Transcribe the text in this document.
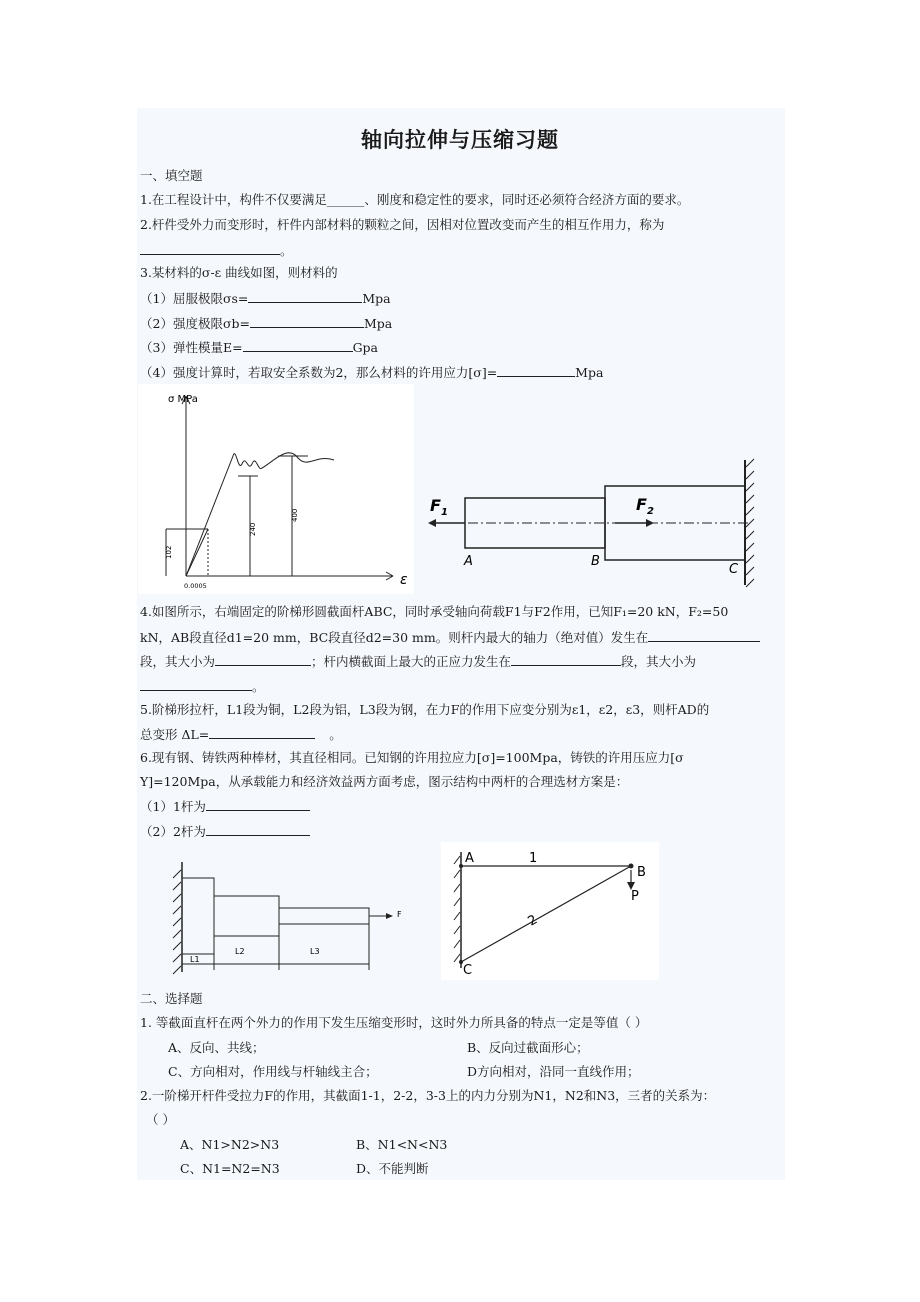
轴向拉伸与压缩习题
一、填空题
1.在工程设计中，构件不仅要满足______、刚度和稳定性的要求，同时还必须符合经济方面的要求。
2.杆件受外力而变形时，杆件内部材料的颗粒之间，因相对位置改变而产生的相互作用力，称为
。
3.某材料的σ-ε 曲线如图，则材料的
（1）屈服极限σs=	Mpa
（2）强度极限σb=	Mpa
（3）弹性模量E=	Gpa
（4）强度计算时，若取安全系数为2，那么材料的许用应力[σ]=	Mpa
σ MPa
ε
102
240
400
0.0005
$F_1$	$F_2$
A	B
C
4.如图所示，右端固定的阶梯形圆截面杆ABC，同时承受轴向荷载F1与F2作用，已知F₁=20 kN，F₂=50
kN，AB段直径d1=20 mm，BC段直径d2=30 mm。则杆内最大的轴力（绝对值）发生在
段，其大小为	；杆内横截面上最大的正应力发生在	段，其大小为
。
5.阶梯形拉杆，L1段为铜，L2段为铝，L3段为钢，在力F的作用下应变分别为ε1，ε2，ε3，则杆AD的
总变形 ΔL=	。
6.现有钢、铸铁两种棒材，其直径相同。已知钢的许用拉应力[σ]=100Mpa，铸铁的许用压应力[σ
Y]=120Mpa，从承载能力和经济效益两方面考虑，图示结构中两杆的合理选材方案是：
（1）1杆为
（2）2杆为
F
L1
L2	L3
A	1
B
P
2
C
二、选择题
1. 等截面直杆在两个外力的作用下发生压缩变形时，这时外力所具备的特点一定是等值（ ）
A、反向、共线；	B、反向过截面形心；
C、方向相对，作用线与杆轴线主合；	D方向相对，沿同一直线作用；
2.一阶梯开杆件受拉力F的作用，其截面1-1，2-2，3-3上的内力分别为N1，N2和N3，三者的关系为：
（ ）
A、N1>N2>N3	B、N1<N<N3
C、N1=N2=N3	D、不能判断
